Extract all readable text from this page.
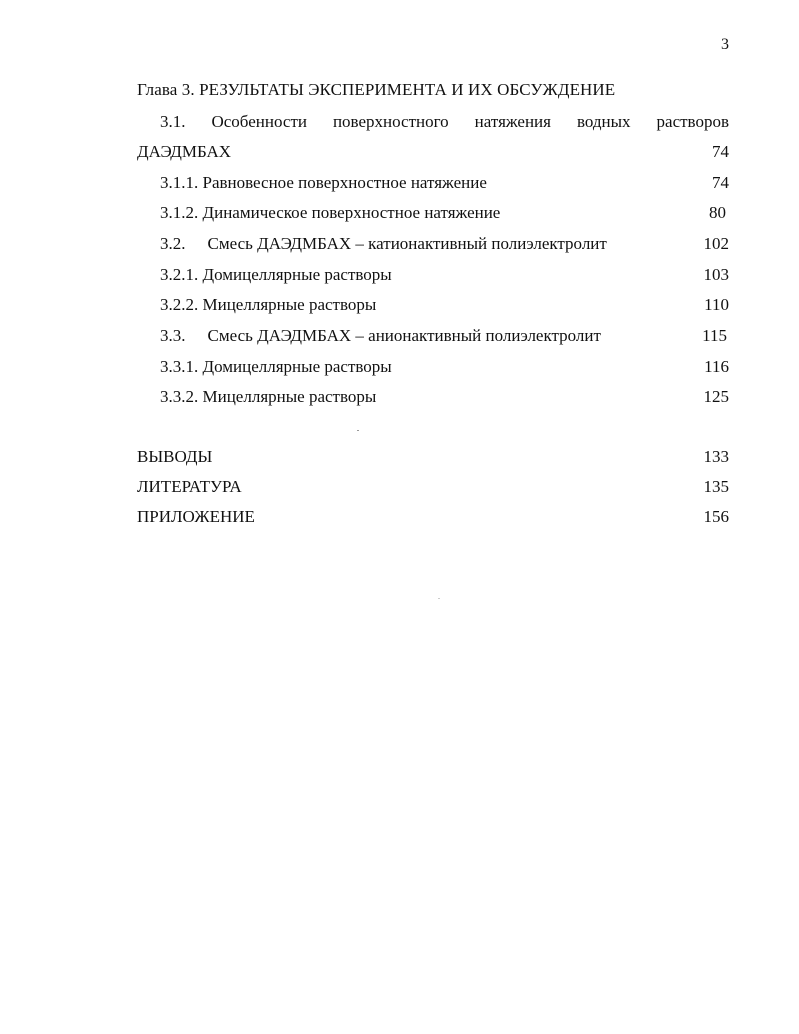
3
Глава 3. РЕЗУЛЬТАТЫ ЭКСПЕРИМЕНТА И ИХ ОБСУЖДЕНИЕ
3.1. Особенности поверхностного натяжения водных растворов
ДАЭДМБАХ	74
3.1.1. Равновесное поверхностное натяжение	74
3.1.2. Динамическое поверхностное натяжение	80
3.2. Смесь ДАЭДМБАХ – катионактивный полиэлектролит	102
3.2.1. Домицеллярные растворы	103
3.2.2. Мицеллярные растворы	110
3.3. Смесь ДАЭДМБАХ – анионактивный полиэлектролит	115
3.3.1. Домицеллярные растворы	116
3.3.2. Мицеллярные растворы	125
ВЫВОДЫ	133
ЛИТЕРАТУРА	135
ПРИЛОЖЕНИЕ	156
